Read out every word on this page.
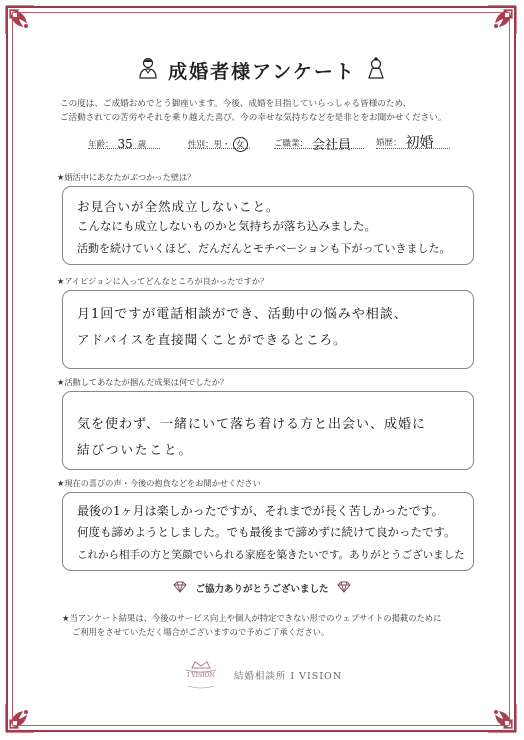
成婚者様アンケート
この度は、ご成婚おめでとう御座います。今後、成婚を目指していらっしゃる皆様のため、
ご活動されての苦労やそれを乗り越えた喜び、今の幸せな気持ちなどを是非とをお聞かせください。
年齢： 35 歳	性別：男・ 女	ご職業： 会社員	婚歴： 初婚
★婚活中にあなたがぶつかった壁は？
お見合いが全然成立しないこと。
こんなにも成立しないものかと気持ちが落ち込みました。
活動を続けていくほど、だんだんとモチベーションも下がっていきました。
★アイビジョンに入ってどんなところが良かったですか？
月1回ですが電話相談ができ、活動中の悩みや相談、
アドバイスを直接聞くことができるところ。
★活動してあなたが掴んだ成果は何でしたか？
気を使わず、一緒にいて落ち着ける方と出会い、成婚に
結びついたこと。
★現在の喜びの声・今後の抱負などをお聞かせください
最後の1ヶ月は楽しかったですが、それまでが長く苦しかったです。
何度も諦めようとしました。でも最後まで諦めずに続けて良かったです。
これから相手の方と笑顔でいられる家庭を築きたいです。ありがとうございました
ご協力ありがとうございました
★当アンケート結果は、今後のサービス向上や個人が特定できない形でのウェブサイトの掲載のために
ご利用をさせていただく場合がございますので予めご了承ください。
I VISION	結婚相談所 I VISION
